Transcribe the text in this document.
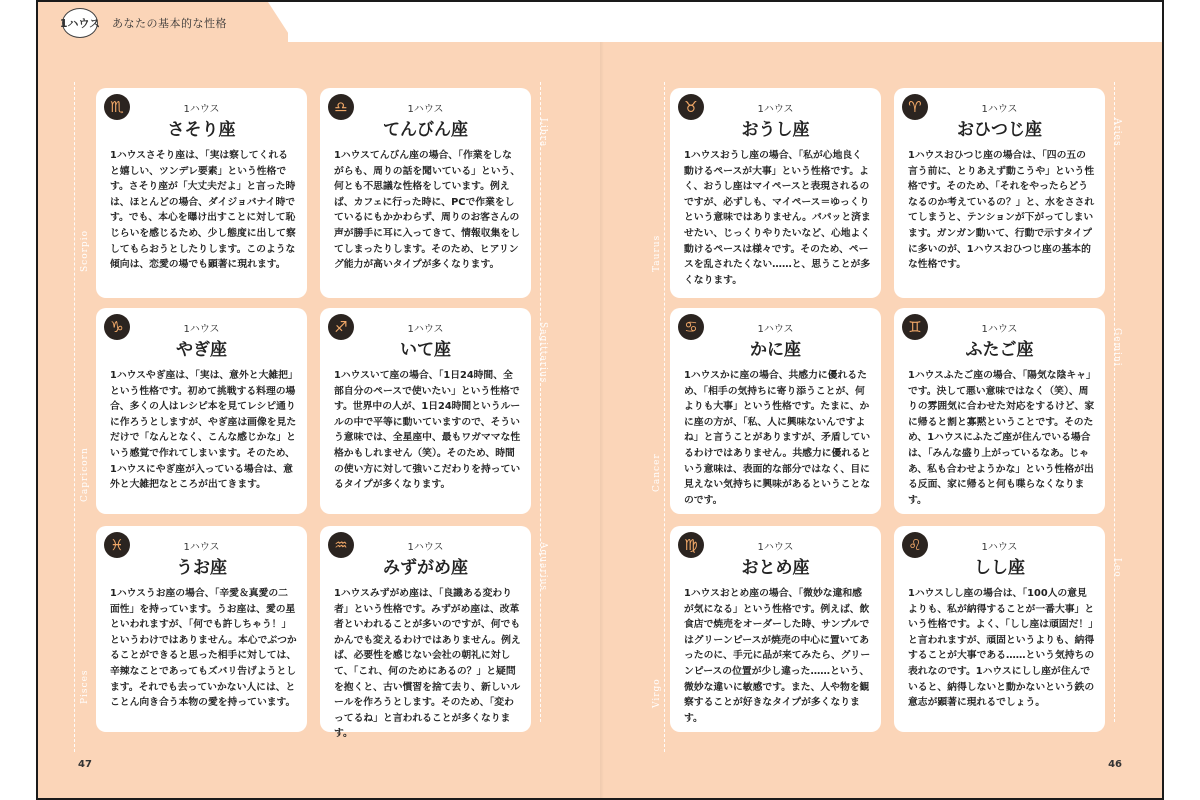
1ハウス あなたの基本的な性格
Scorpio
Libra
Taurus
Aries
Capricorn
Sagittarius
Cancer
Gemini
Pisces
Aquarius
Virgo
Leo
♏	1ハウス
さそり座
1ハウスさそり座は、「実は察してくれると嬉しい、ツンデレ要素」という性格です。さそり座が「大丈夫だよ」と言った時は、ほとんどの場合、ダイジョバナイ時です。でも、本心を曝け出すことに対して恥じらいを感じるため、少し態度に出して察してもらおうとしたりします。このような傾向は、恋愛の場でも顕著に現れます。
♎	1ハウス
てんびん座
1ハウスてんびん座の場合、「作業をしながらも、周りの話を聞いている」という、何とも不思議な性格をしています。例えば、カフェに行った時に、PCで作業をしているにもかかわらず、周りのお客さんの声が勝手に耳に入ってきて、情報収集をしてしまったりします。そのため、ヒアリング能力が高いタイプが多くなります。
♉	1ハウス
おうし座
1ハウスおうし座の場合、「私が心地良く動けるペースが大事」という性格です。よく、おうし座はマイペースと表現されるのですが、必ずしも、マイペース＝ゆっくりという意味ではありません。パパッと済ませたい、じっくりやりたいなど、心地よく動けるペースは様々です。そのため、ペースを乱されたくない……と、思うことが多くなります。
♈	1ハウス
おひつじ座
1ハウスおひつじ座の場合は、「四の五の言う前に、とりあえず動こうや」という性格です。そのため、「それをやったらどうなるのか考えているの？」と、水をさされてしまうと、テンションが下がってしまいます。ガンガン動いて、行動で示すタイプに多いのが、1ハウスおひつじ座の基本的な性格です。
♑	1ハウス
やぎ座
1ハウスやぎ座は、「実は、意外と大雑把」という性格です。初めて挑戦する料理の場合、多くの人はレシピ本を見てレシピ通りに作ろうとしますが、やぎ座は画像を見ただけで「なんとなく、こんな感じかな」という感覚で作れてしまいます。そのため、1ハウスにやぎ座が入っている場合は、意外と大雑把なところが出てきます。
♐	1ハウス
いて座
1ハウスいて座の場合、「1日24時間、全部自分のペースで使いたい」という性格です。世界中の人が、1日24時間というルールの中で平等に動いていますので、そういう意味では、全星座中、最もワガママな性格かもしれません（笑）。そのため、時間の使い方に対して強いこだわりを持っているタイプが多くなります。
♋	1ハウス
かに座
1ハウスかに座の場合、共感力に優れるため、「相手の気持ちに寄り添うことが、何よりも大事」という性格です。たまに、かに座の方が、「私、人に興味ないんですよね」と言うことがありますが、矛盾しているわけではありません。共感力に優れるという意味は、表面的な部分ではなく、目に見えない気持ちに興味があるということなのです。
♊	1ハウス
ふたご座
1ハウスふたご座の場合、「陽気な陰キャ」です。決して悪い意味ではなく（笑）、周りの雰囲気に合わせた対応をするけど、家に帰ると割と寡黙ということです。そのため、1ハウスにふたご座が住んでいる場合は、「みんな盛り上がっているなあ。じゃあ、私も合わせようかな」という性格が出る反面、家に帰ると何も喋らなくなります。
♓	1ハウス
うお座
1ハウスうお座の場合、「辛愛＆真愛の二面性」を持っています。うお座は、愛の星といわれますが、「何でも許しちゃう！」というわけではありません。本心でぶつかることができると思った相手に対しては、辛辣なことであってもズバリ告げようとします。それでも去っていかない人には、とことん向き合う本物の愛を持っています。
♒	1ハウス
みずがめ座
1ハウスみずがめ座は、「良識ある変わり者」という性格です。みずがめ座は、改革者といわれることが多いのですが、何でもかんでも変えるわけではありません。例えば、必要性を感じない会社の朝礼に対して、「これ、何のためにあるの？」と疑問を抱くと、古い慣習を捨て去り、新しいルールを作ろうとします。そのため、「変わってるね」と言われることが多くなります。
♍	1ハウス
おとめ座
1ハウスおとめ座の場合、「微妙な違和感が気になる」という性格です。例えば、飲食店で焼売をオーダーした時、サンプルではグリーンピースが焼売の中心に置いてあったのに、手元に品が来てみたら、グリーンピースの位置が少し違った……という、微妙な違いに敏感です。また、人や物を観察することが好きなタイプが多くなります。
♌	1ハウス
しし座
1ハウスしし座の場合は、「100人の意見よりも、私が納得することが一番大事」という性格です。よく、「しし座は頑固だ！」と言われますが、頑固というよりも、納得することが大事である……という気持ちの表れなのです。1ハウスにしし座が住んでいると、納得しないと動かないという鉄の意志が顕著に現れるでしょう。
47	46
